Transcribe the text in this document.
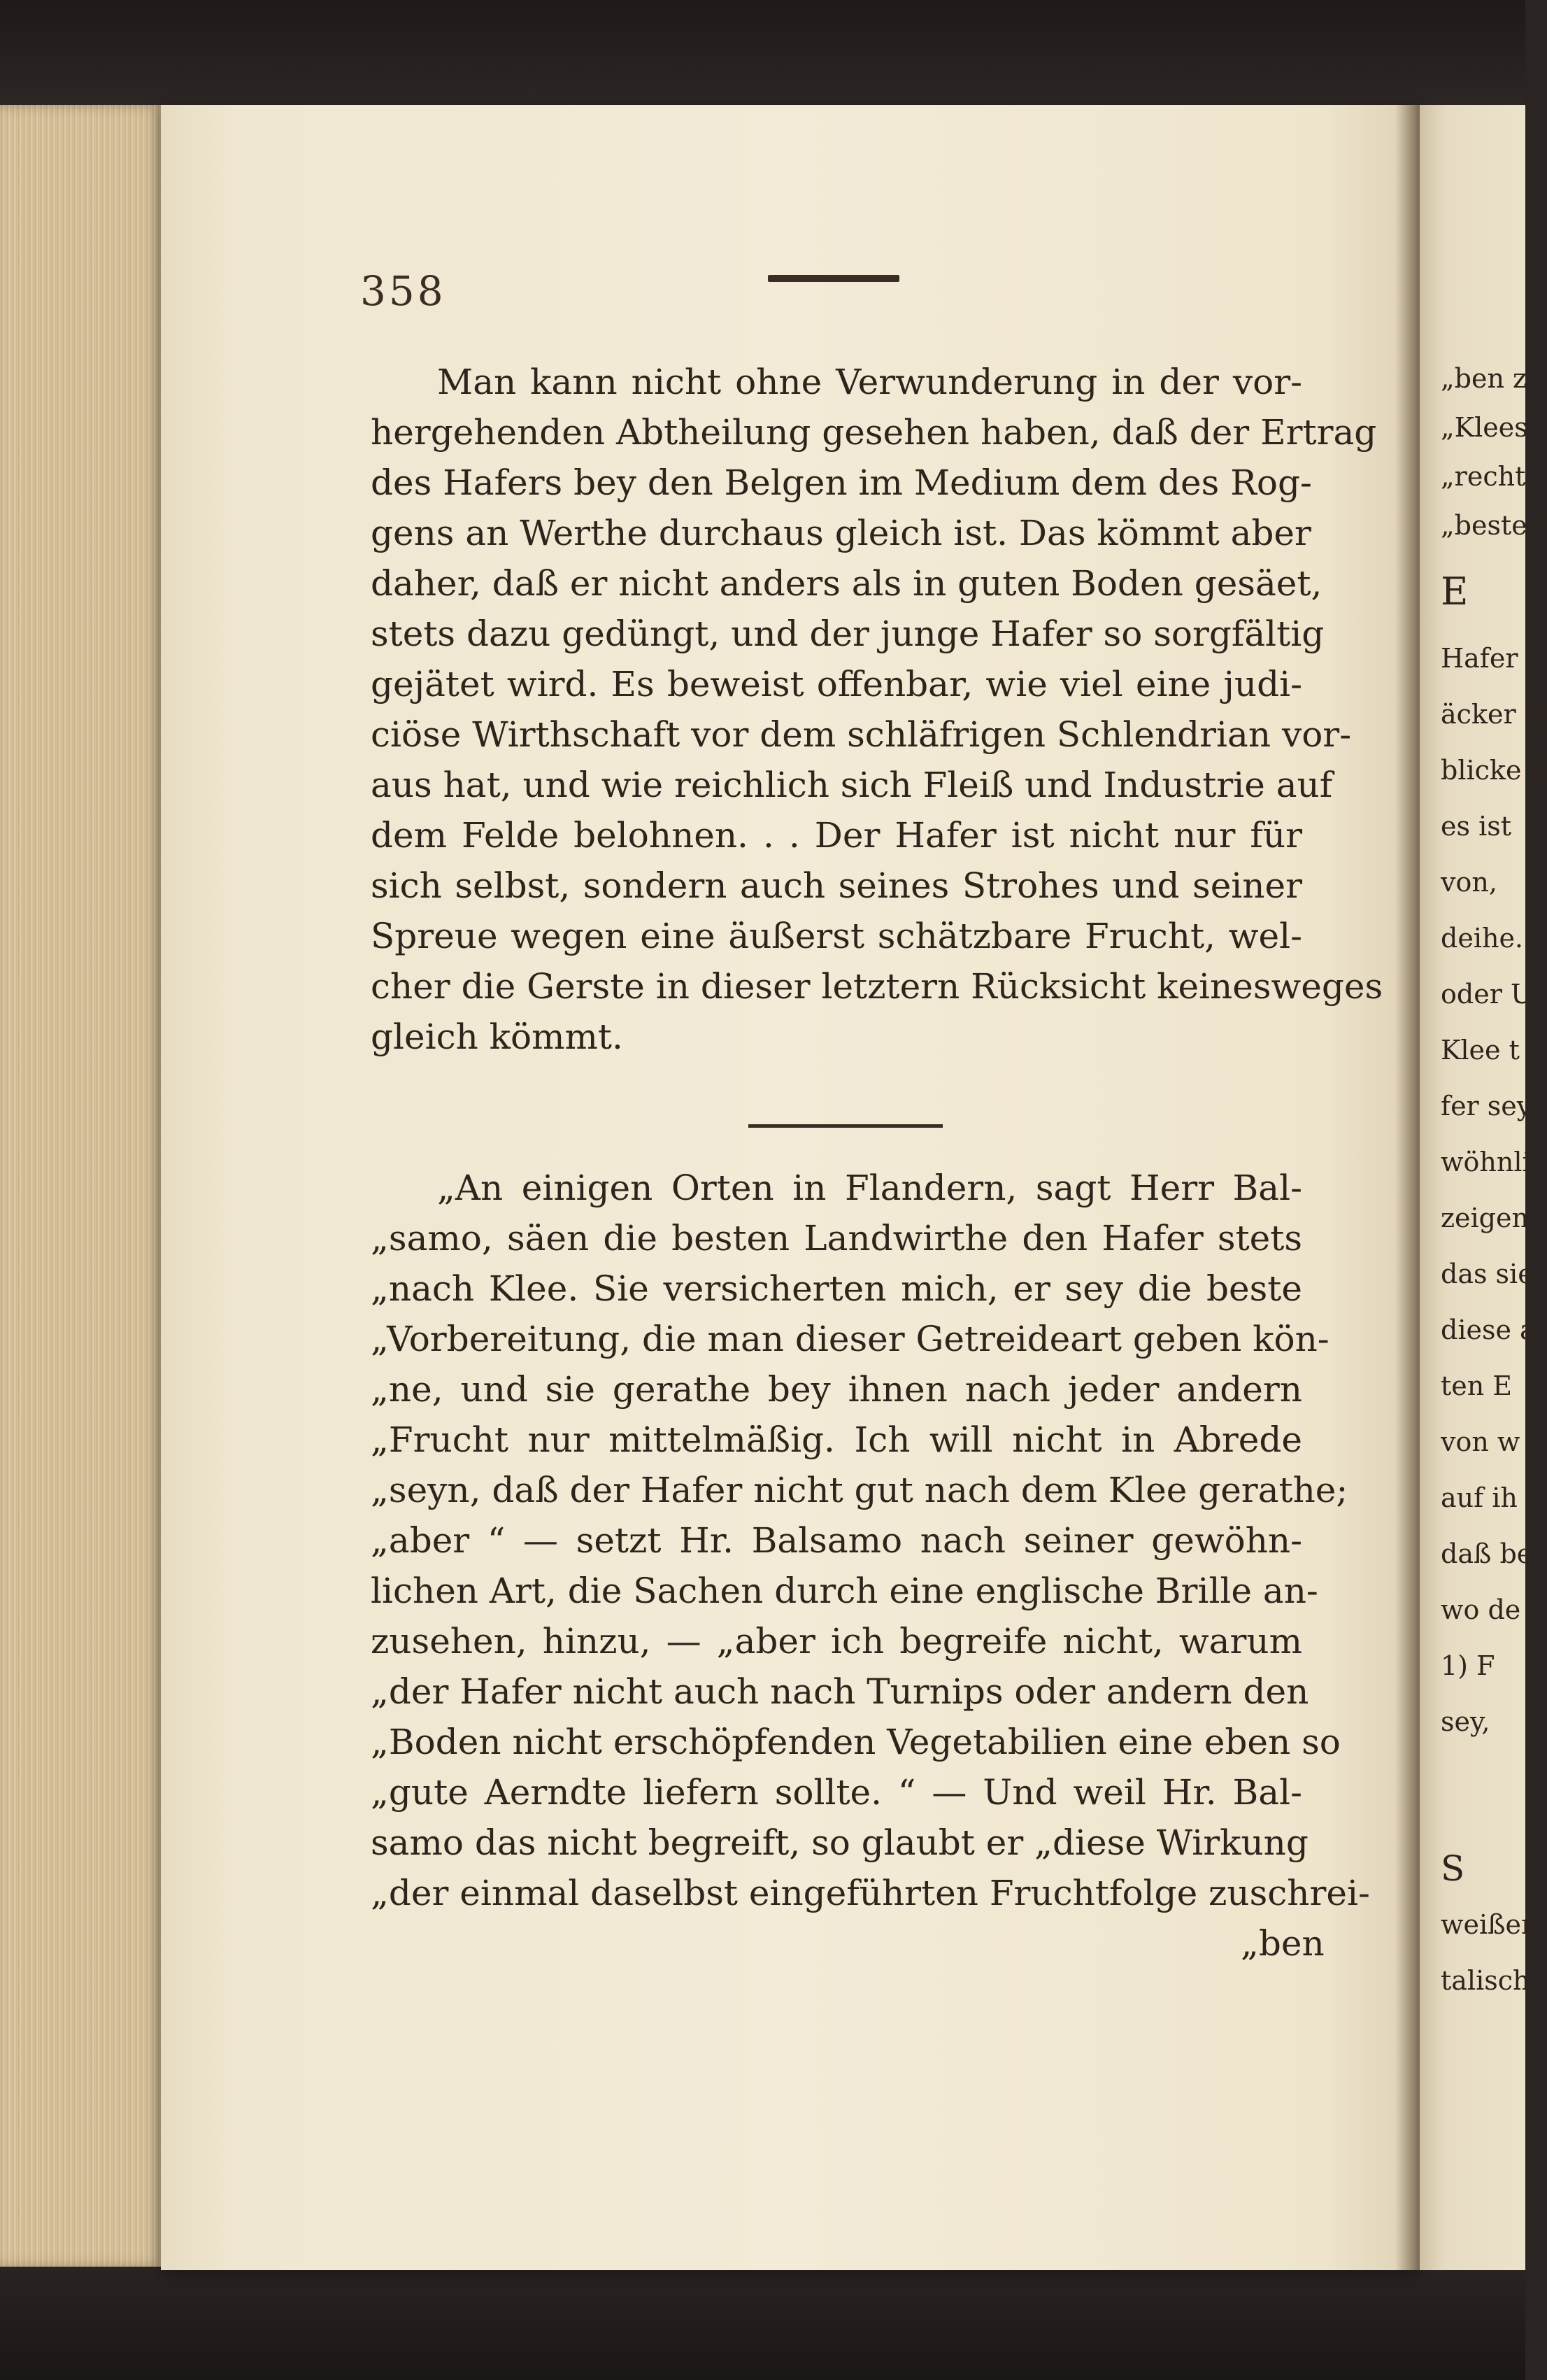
358
Man kann nicht ohne Verwunderung in der vor-
hergehenden Abtheilung gesehen haben, daß der Ertrag
des Hafers bey den Belgen im Medium dem des Rog-
gens an Werthe durchaus gleich ist. Das kömmt aber
daher, daß er nicht anders als in guten Boden gesäet,
stets dazu gedüngt, und der junge Hafer so sorgfältig
gejätet wird. Es beweist offenbar, wie viel eine judi-
ciöse Wirthschaft vor dem schläfrigen Schlendrian vor-
aus hat, und wie reichlich sich Fleiß und Industrie auf
dem Felde belohnen. . . Der Hafer ist nicht nur für
sich selbst, sondern auch seines Strohes und seiner
Spreue wegen eine äußerst schätzbare Frucht, wel-
cher die Gerste in dieser letztern Rücksicht keinesweges
gleich kömmt.
„An einigen Orten in Flandern, sagt Herr Bal-
„samo, säen die besten Landwirthe den Hafer stets
„nach Klee. Sie versicherten mich, er sey die beste
„Vorbereitung, die man dieser Getreideart geben kön-
„ne, und sie gerathe bey ihnen nach jeder andern
„Frucht nur mittelmäßig. Ich will nicht in Abrede
„seyn, daß der Hafer nicht gut nach dem Klee gerathe;
„aber “ — setzt Hr. Balsamo nach seiner gewöhn-
lichen Art, die Sachen durch eine englische Brille an-
zusehen, hinzu, — „aber ich begreife nicht, warum
„der Hafer nicht auch nach Turnips oder andern den
„Boden nicht erschöpfenden Vegetabilien eine eben so
„gute Aerndte liefern sollte. “ — Und weil Hr. Bal-
samo das nicht begreift, so glaubt er „diese Wirkung
„der einmal daselbst eingeführten Fruchtfolge zuschrei-
„ben
„ben z
„Klees
„recht,
„bester
E
Hafer
äcker d
blicke b
es ist
von,
deihe.
oder U
Klee t
fer sey
wöhnli
zeigen
das sie
diese a
ten E
von w
auf ih
daß be
wo de
1) F
sey,
S
weißer
talisch
